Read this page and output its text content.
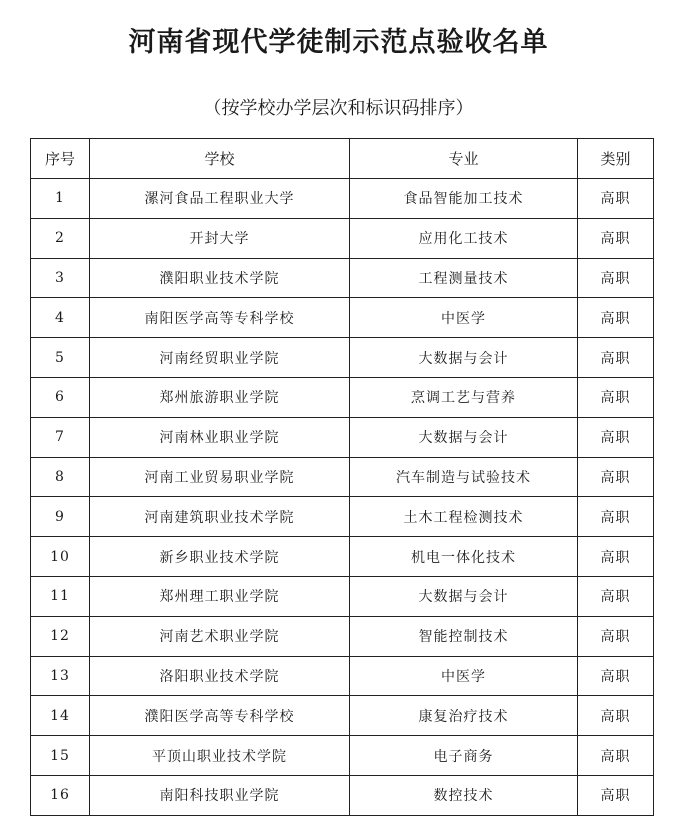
河南省现代学徒制示范点验收名单
（按学校办学层次和标识码排序）
序号	学校	专业	类别
1	漯河食品工程职业大学	食品智能加工技术	高职
2	开封大学	应用化工技术	高职
3	濮阳职业技术学院	工程测量技术	高职
4	南阳医学高等专科学校	中医学	高职
5	河南经贸职业学院	大数据与会计	高职
6	郑州旅游职业学院	烹调工艺与营养	高职
7	河南林业职业学院	大数据与会计	高职
8	河南工业贸易职业学院	汽车制造与试验技术	高职
9	河南建筑职业技术学院	土木工程检测技术	高职
10	新乡职业技术学院	机电一体化技术	高职
11	郑州理工职业学院	大数据与会计	高职
12	河南艺术职业学院	智能控制技术	高职
13	洛阳职业技术学院	中医学	高职
14	濮阳医学高等专科学校	康复治疗技术	高职
15	平顶山职业技术学院	电子商务	高职
16	南阳科技职业学院	数控技术	高职
